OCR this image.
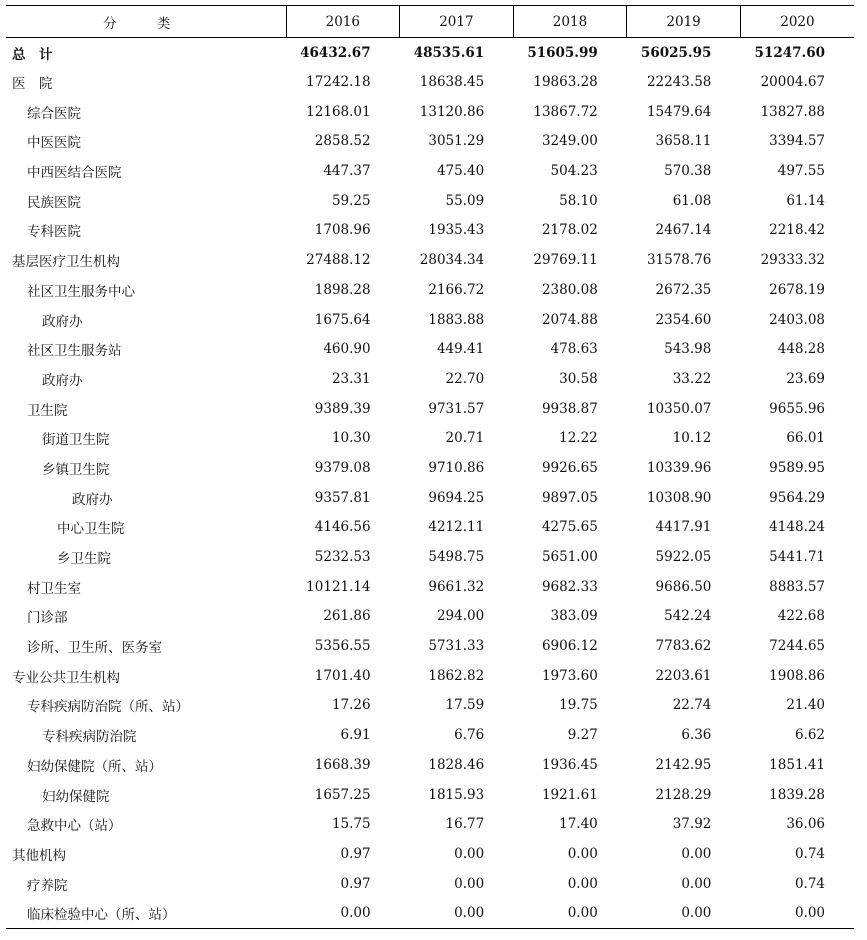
分 类	2016	2017	2018	2019	2020
总　计	46432.67	48535.61	51605.99	56025.95	51247.60
医　院	17242.18	18638.45	19863.28	22243.58	20004.67
综合医院	12168.01	13120.86	13867.72	15479.64	13827.88
中医医院	2858.52	3051.29	3249.00	3658.11	3394.57
中西医结合医院	447.37	475.40	504.23	570.38	497.55
民族医院	59.25	55.09	58.10	61.08	61.14
专科医院	1708.96	1935.43	2178.02	2467.14	2218.42
基层医疗卫生机构	27488.12	28034.34	29769.11	31578.76	29333.32
社区卫生服务中心	1898.28	2166.72	2380.08	2672.35	2678.19
政府办	1675.64	1883.88	2074.88	2354.60	2403.08
社区卫生服务站	460.90	449.41	478.63	543.98	448.28
政府办	23.31	22.70	30.58	33.22	23.69
卫生院	9389.39	9731.57	9938.87	10350.07	9655.96
街道卫生院	10.30	20.71	12.22	10.12	66.01
乡镇卫生院	9379.08	9710.86	9926.65	10339.96	9589.95
政府办	9357.81	9694.25	9897.05	10308.90	9564.29
中心卫生院	4146.56	4212.11	4275.65	4417.91	4148.24
乡卫生院	5232.53	5498.75	5651.00	5922.05	5441.71
村卫生室	10121.14	9661.32	9682.33	9686.50	8883.57
门诊部	261.86	294.00	383.09	542.24	422.68
诊所、卫生所、医务室	5356.55	5731.33	6906.12	7783.62	7244.65
专业公共卫生机构	1701.40	1862.82	1973.60	2203.61	1908.86
专科疾病防治院（所、站）	17.26	17.59	19.75	22.74	21.40
专科疾病防治院	6.91	6.76	9.27	6.36	6.62
妇幼保健院（所、站）	1668.39	1828.46	1936.45	2142.95	1851.41
妇幼保健院	1657.25	1815.93	1921.61	2128.29	1839.28
急救中心（站）	15.75	16.77	17.40	37.92	36.06
其他机构	0.97	0.00	0.00	0.00	0.74
疗养院	0.97	0.00	0.00	0.00	0.74
临床检验中心（所、站）	0.00	0.00	0.00	0.00	0.00
